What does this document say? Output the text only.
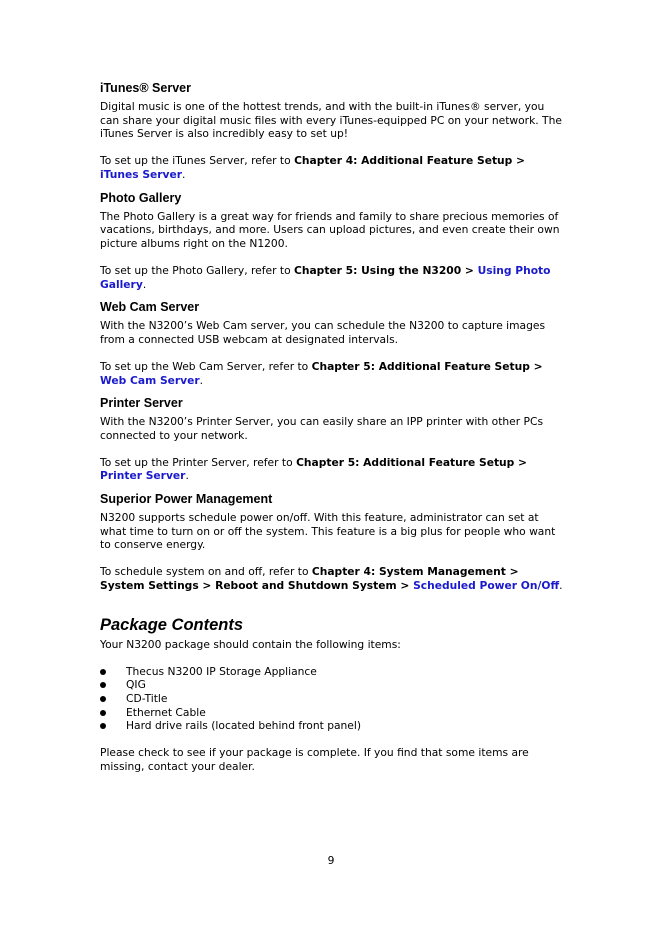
iTunes® Server

Digital music is one of the hottest trends, and with the built-in iTunes® server, you can share your digital music files with every iTunes-equipped PC on your network. The iTunes Server is also incredibly easy to set up!

To set up the iTunes Server, refer to Chapter 4: Additional Feature Setup > iTunes Server.

Photo Gallery

The Photo Gallery is a great way for friends and family to share precious memories of vacations, birthdays, and more. Users can upload pictures, and even create their own picture albums right on the N1200.

To set up the Photo Gallery, refer to Chapter 5: Using the N3200 > Using Photo Gallery.

Web Cam Server

With the N3200’s Web Cam server, you can schedule the N3200 to capture images from a connected USB webcam at designated intervals.

To set up the Web Cam Server, refer to Chapter 5: Additional Feature Setup > Web Cam Server.

Printer Server

With the N3200’s Printer Server, you can easily share an IPP printer with other PCs connected to your network.

To set up the Printer Server, refer to Chapter 5: Additional Feature Setup > Printer Server.

Superior Power Management

N3200 supports schedule power on/off. With this feature, administrator can set at what time to turn on or off the system. This feature is a big plus for people who want to conserve energy.

To schedule system on and off, refer to Chapter 4: System Management > System Settings > Reboot and Shutdown System > Scheduled Power On/Off.

Package Contents

Your N3200 package should contain the following items:

Thecus N3200 IP Storage Appliance
QIG
CD-Title
Ethernet Cable
Hard drive rails (located behind front panel)

Please check to see if your package is complete. If you find that some items are missing, contact your dealer.

9
